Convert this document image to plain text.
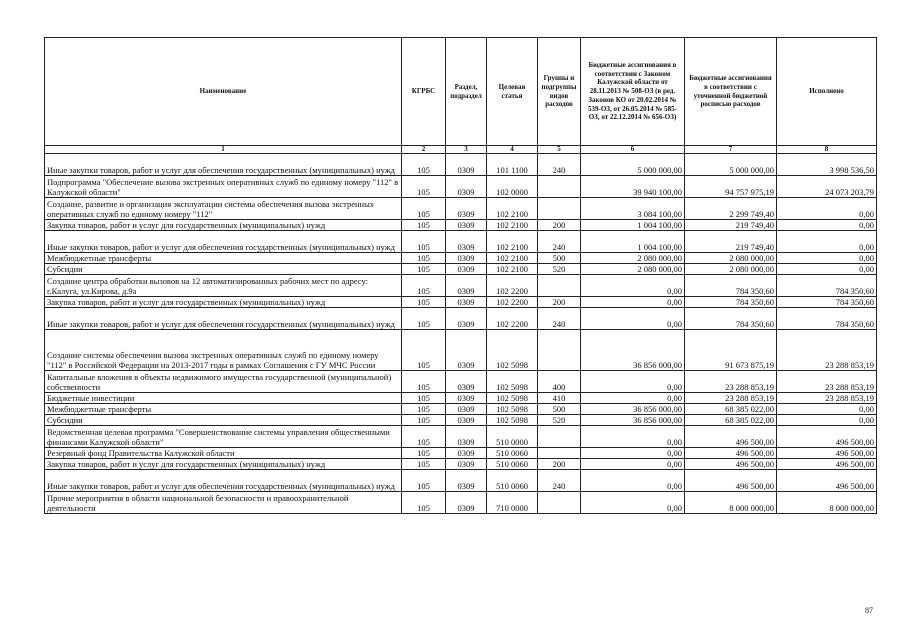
Наименование	КГРБС	Раздел, подраздел	Целевая статья	Группы и подгруппы видов расходов	Бюджетные ассигнования в соответствии с Законом Калужской области от 28.11.2013 № 508-ОЗ (в ред. Законов КО от 20.02.2014 № 539-ОЗ, от 26.05.2014 № 585-ОЗ, от 22.12.2014 № 656-ОЗ)	Бюджетные ассигнования в соответствии с уточненной бюджетной росписью расходов	Исполнено
1	2	3	4	5	6	7	8
Иные закупки товаров, работ и услуг для обеспечения государственных (муниципальных) нужд	105	0309	101 1100	240	5 000 000,00	5 000 000,00	3 998 536,50
Подпрограмма "Обеспечение вызова экстренных оперативных служб по единому номеру "112" в Калужской области"	105	0309	102 0000		39 940 100,00	94 757 975,19	24 073 203,79
Создание, развитие и организация эксплуатации системы обеспечения вызова экстренных оперативных служб по единому номеру "112"	105	0309	102 2100		3 084 100,00	2 299 749,40	0,00
Закупка товаров, работ и услуг для государственных (муниципальных) нужд	105	0309	102 2100	200	1 004 100,00	219 749,40	0,00
Иные закупки товаров, работ и услуг для обеспечения государственных (муниципальных) нужд	105	0309	102 2100	240	1 004 100,00	219 749,40	0,00
Межбюджетные трансферты	105	0309	102 2100	500	2 080 000,00	2 080 000,00	0,00
Субсидии	105	0309	102 2100	520	2 080 000,00	2 080 000,00	0,00
Создание центра обработки вызовов на 12 автоматизированных рабочих мест по адресу: г.Калуга, ул.Кирова, д.9а	105	0309	102 2200		0,00	784 350,60	784 350,60
Закупка товаров, работ и услуг для государственных (муниципальных) нужд	105	0309	102 2200	200	0,00	784 350,60	784 350,60
Иные закупки товаров, работ и услуг для обеспечения государственных (муниципальных) нужд	105	0309	102 2200	240	0,00	784 350,60	784 350,60
Создание системы обеспечения вызова экстренных оперативных служб по единому номеру "112" в Российской Федерации на 2013-2017 годы в рамках Соглашения с ГУ МЧС России	105	0309	102 5098		36 856 000,00	91 673 875,19	23 288 853,19
Капитальные вложения в объекты недвижимого имущества государственной (муниципальной) собственности	105	0309	102 5098	400	0,00	23 288 853,19	23 288 853,19
Бюджетные инвестиции	105	0309	102 5098	410	0,00	23 288 853,19	23 288 853,19
Межбюджетные трансферты	105	0309	102 5098	500	36 856 000,00	68 385 022,00	0,00
Субсидии	105	0309	102 5098	520	36 856 000,00	68 385 022,00	0,00
Ведомственная целевая программа "Совершенствование системы управления общественными финансами Калужской области"	105	0309	510 0000		0,00	496 500,00	496 500,00
Резервный фонд Правительства Калужской области	105	0309	510 0060		0,00	496 500,00	496 500,00
Закупка товаров, работ и услуг для государственных (муниципальных) нужд	105	0309	510 0060	200	0,00	496 500,00	496 500,00
Иные закупки товаров, работ и услуг для обеспечения государственных (муниципальных) нужд	105	0309	510 0060	240	0,00	496 500,00	496 500,00
Прочие мероприятия в области национальной безопасности и правоохранительной деятельности	105	0309	710 0000		0,00	8 000 000,00	8 000 000,00
87
